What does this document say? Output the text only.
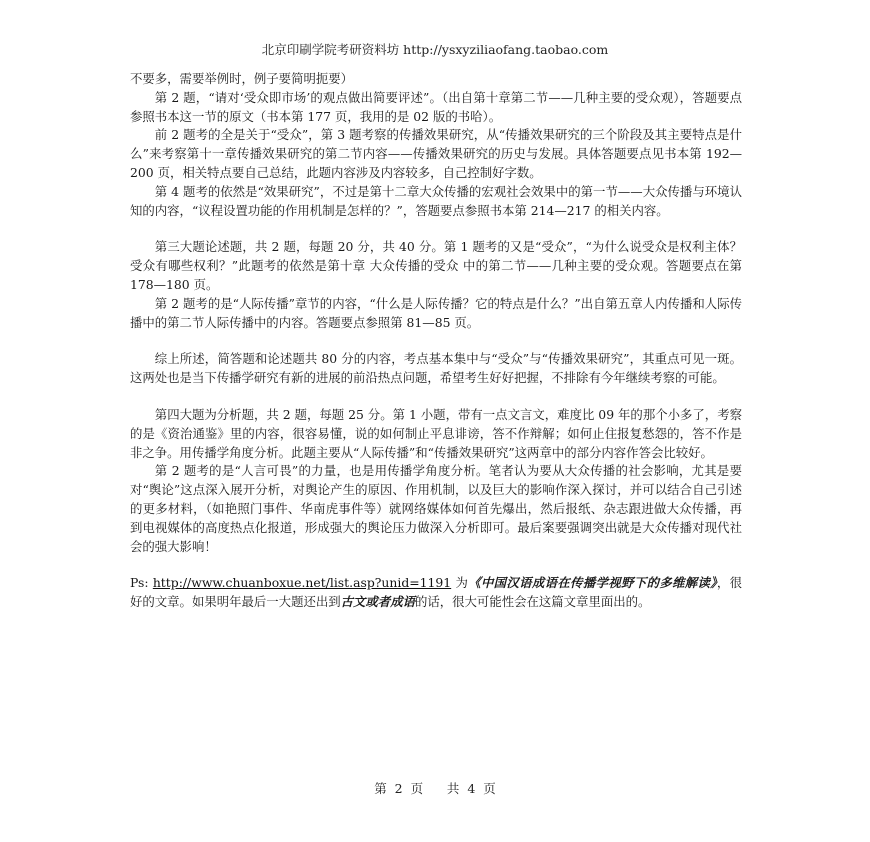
北京印刷学院考研资料坊 http://ysxyziliaofang.taobao.com

不要多，需要举例时，例子要简明扼要）

第 2 题，“请对‘受众即市场’的观点做出简要评述”。（出自第十章第二节——几种主要的受众观），答题要点参照书本这一节的原文（书本第 177 页，我用的是 02 版的书哈）。

前 2 题考的全是关于“受众”，第 3 题考察的传播效果研究，从“传播效果研究的三个阶段及其主要特点是什么”来考察第十一章传播效果研究的第二节内容——传播效果研究的历史与发展。具体答题要点见书本第 192—200 页，相关特点要自己总结，此题内容涉及内容较多，自己控制好字数。

第 4 题考的依然是“效果研究”，不过是第十二章大众传播的宏观社会效果中的第一节——大众传播与环境认知的内容，“议程设置功能的作用机制是怎样的？”，答题要点参照书本第 214—217 的相关内容。

第三大题论述题，共 2 题，每题 20 分，共 40 分。第 1 题考的又是“受众”，“为什么说受众是权利主体？受众有哪些权利？”此题考的依然是第十章 大众传播的受众 中的第二节——几种主要的受众观。答题要点在第 178—180 页。

第 2 题考的是“人际传播”章节的内容，“什么是人际传播？它的特点是什么？”出自第五章人内传播和人际传播中的第二节人际传播中的内容。答题要点参照第 81—85 页。

综上所述，简答题和论述题共 80 分的内容，考点基本集中与“受众”与“传播效果研究”，其重点可见一斑。这两处也是当下传播学研究有新的进展的前沿热点问题，希望考生好好把握，不排除有今年继续考察的可能。

第四大题为分析题，共 2 题，每题 25 分。第 1 小题，带有一点文言文，难度比 09 年的那个小多了，考察的是《资治通鉴》里的内容，很容易懂，说的如何制止平息诽谤，答不作辩解；如何止住报复愁怨的，答不作是非之争。用传播学角度分析。此题主要从“人际传播”和“传播效果研究”这两章中的部分内容作答会比较好。

第 2 题考的是“人言可畏”的力量，也是用传播学角度分析。笔者认为要从大众传播的社会影响，尤其是要对“舆论”这点深入展开分析，对舆论产生的原因、作用机制，以及巨大的影响作深入探讨，并可以结合自己引述的更多材料，（如艳照门事件、华南虎事件等）就网络媒体如何首先爆出，然后报纸、杂志跟进做大众传播，再到电视媒体的高度热点化报道，形成强大的舆论压力做深入分析即可。最后案要强调突出就是大众传播对现代社会的强大影响！

Ps: http://www.chuanboxue.net/list.asp?unid=1191 为《中国汉语成语在传播学视野下的多维解读》，很好的文章。如果明年最后一大题还出到古文或者成语的话，很大可能性会在这篇文章里面出的。

第  2  页      共  4  页
